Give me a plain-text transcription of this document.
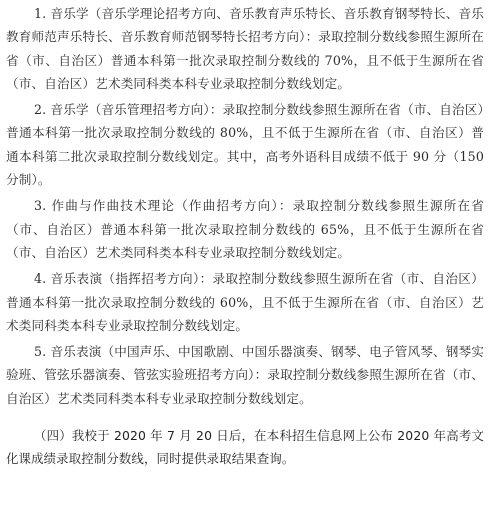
1. 音乐学（音乐学理论招考方向、音乐教育声乐特长、音乐教育钢琴特长、音乐教育师范声乐特长、音乐教育师范钢琴特长招考方向）：录取控制分数线参照生源所在省（市、自治区）普通本科第一批次录取控制分数线的 70%，且不低于生源所在省（市、自治区）艺术类同科类本科专业录取控制分数线划定。

2. 音乐学（音乐管理招考方向）：录取控制分数线参照生源所在省（市、自治区）普通本科第一批次录取控制分数线的 80%，且不低于生源所在省（市、自治区）普通本科第二批次录取控制分数线划定。其中，高考外语科目成绩不低于 90 分（150 分制）。

3. 作曲与作曲技术理论（作曲招考方向）：录取控制分数线参照生源所在省（市、自治区）普通本科第一批次录取控制分数线的 65%，且不低于生源所在省（市、自治区）艺术类同科类本科专业录取控制分数线划定。

4. 音乐表演（指挥招考方向）：录取控制分数线参照生源所在省（市、自治区）普通本科第一批次录取控制分数线的 60%，且不低于生源所在省（市、自治区）艺术类同科类本科专业录取控制分数线划定。

5. 音乐表演（中国声乐、中国歌剧、中国乐器演奏、钢琴、电子管风琴、钢琴实验班、管弦乐器演奏、管弦实验班招考方向）：录取控制分数线参照生源所在省（市、自治区）艺术类同科类本科专业录取控制分数线划定。

（四）我校于 2020 年 7 月 20 日后，在本科招生信息网上公布 2020 年高考文化课成绩录取控制分数线，同时提供录取结果查询。
